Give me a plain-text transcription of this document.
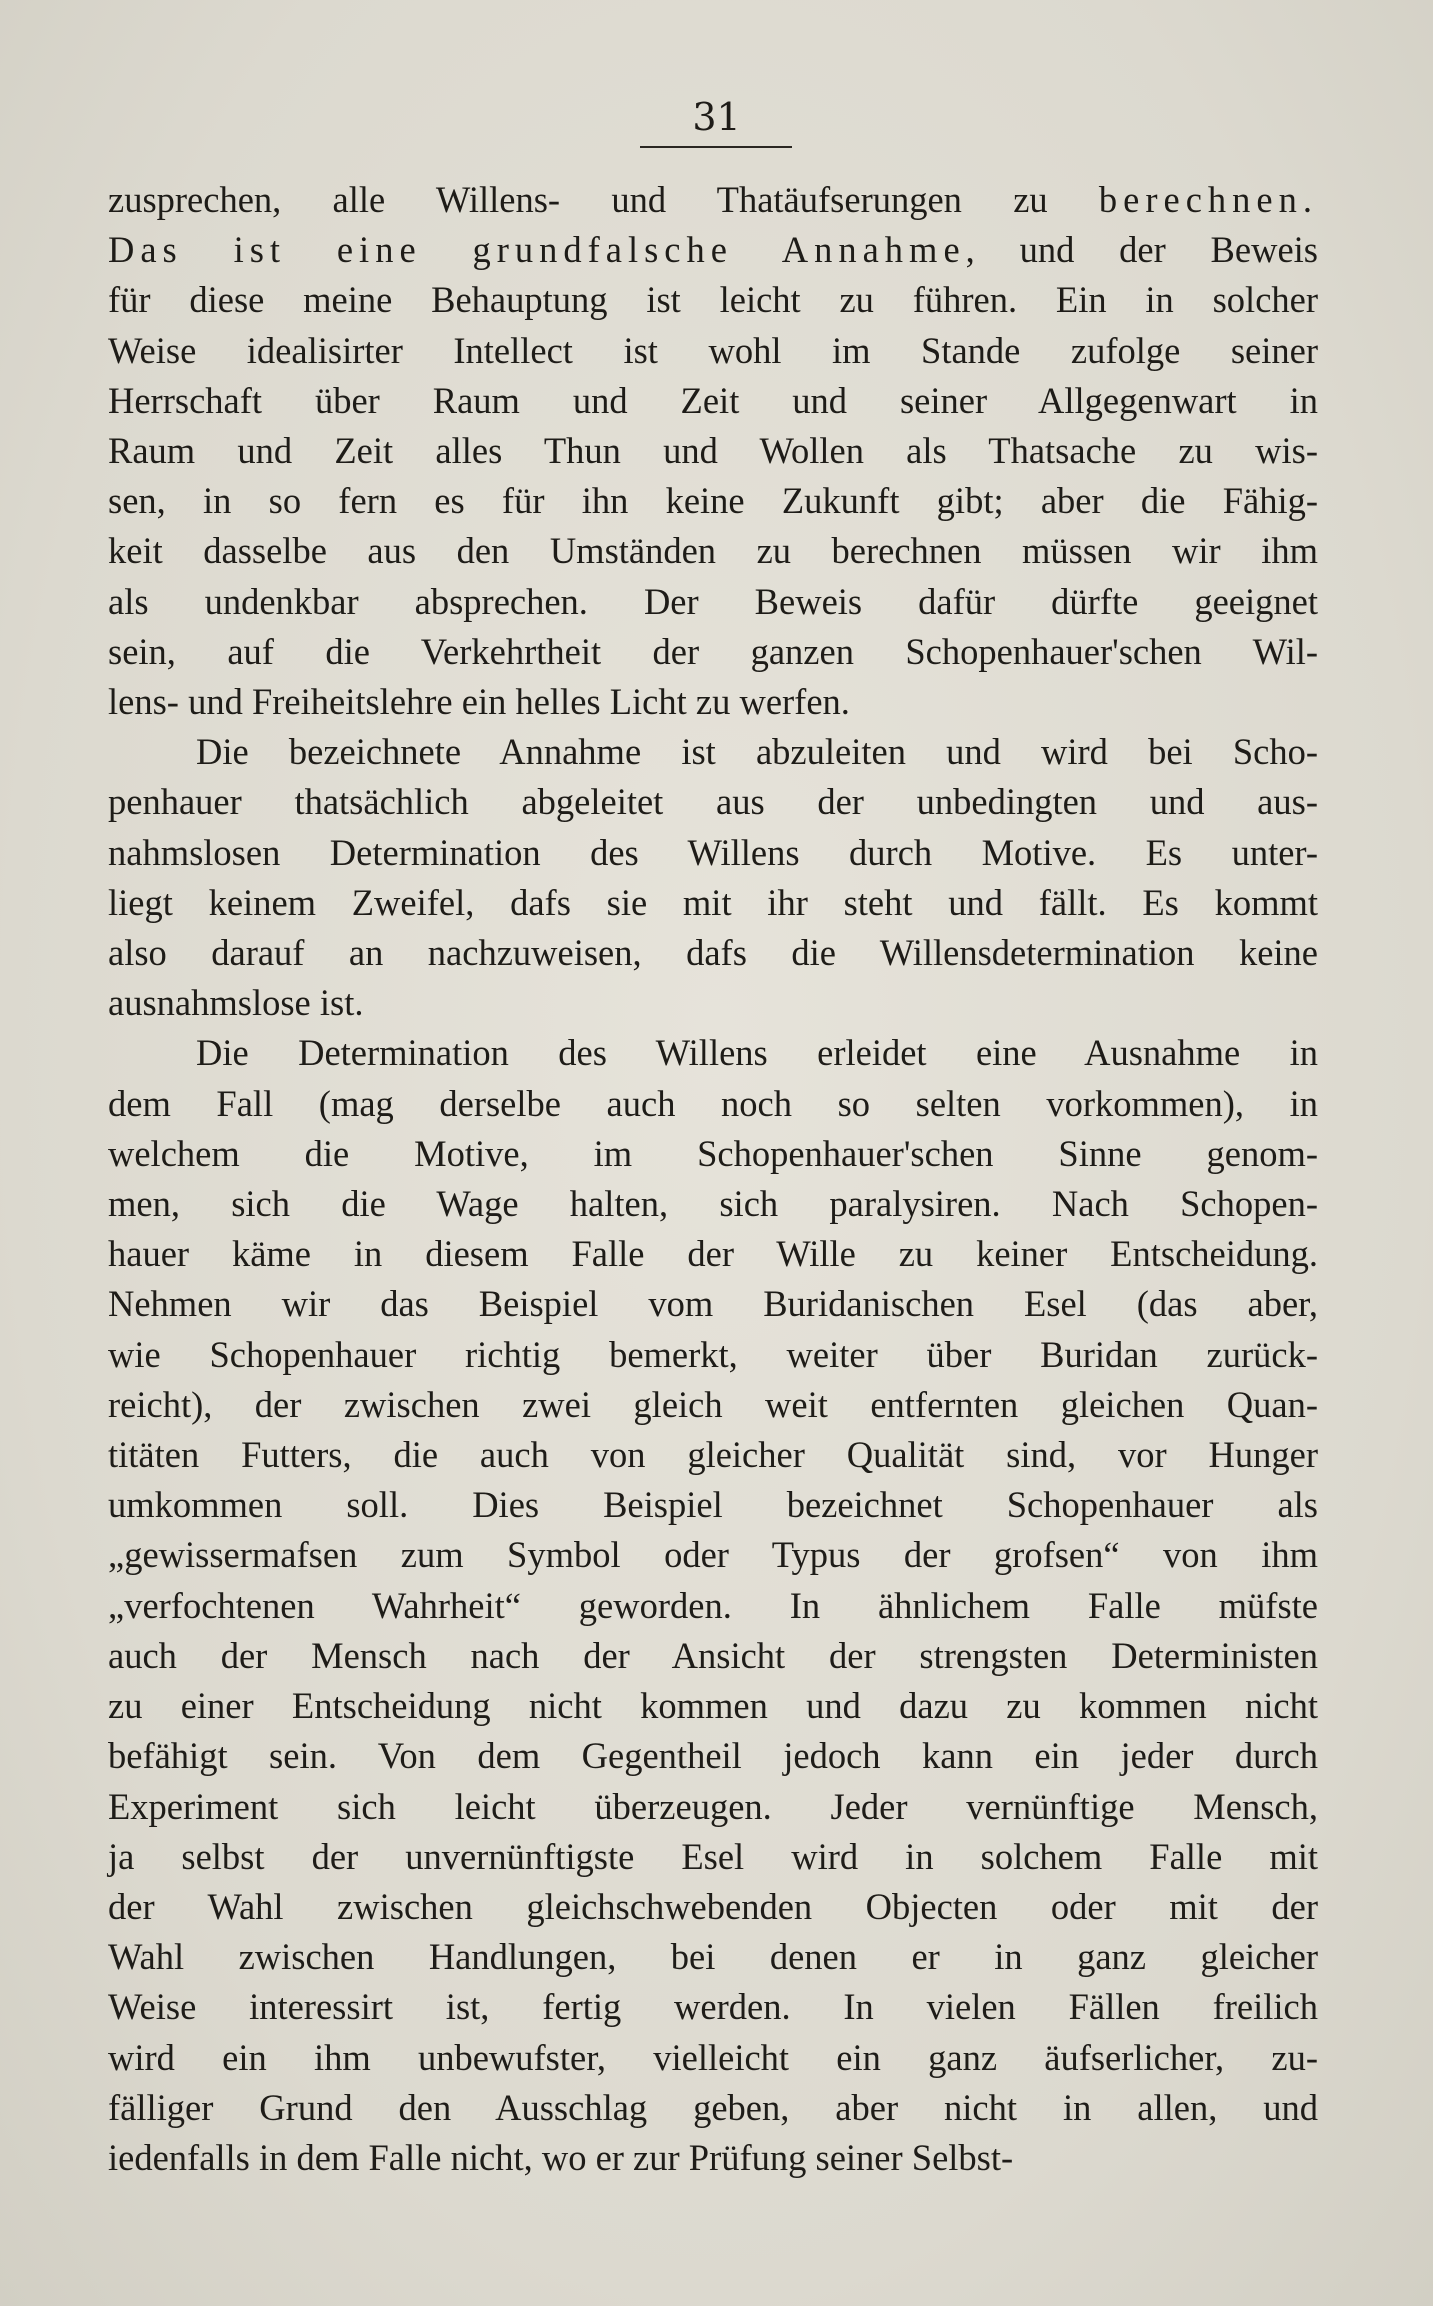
31

zusprechen, alle Willens- und Thatäufserungen zu berechnen.
Das ist eine grundfalsche Annahme, und der Beweis
für diese meine Behauptung ist leicht zu führen. Ein in solcher
Weise idealisirter Intellect ist wohl im Stande zufolge seiner
Herrschaft über Raum und Zeit und seiner Allgegenwart in
Raum und Zeit alles Thun und Wollen als Thatsache zu wis-
sen, in so fern es für ihn keine Zukunft gibt; aber die Fähig-
keit dasselbe aus den Umständen zu berechnen müssen wir ihm
als undenkbar absprechen. Der Beweis dafür dürfte geeignet
sein, auf die Verkehrtheit der ganzen Schopenhauer'schen Wil-
lens- und Freiheitslehre ein helles Licht zu werfen.

Die bezeichnete Annahme ist abzuleiten und wird bei Scho-
penhauer thatsächlich abgeleitet aus der unbedingten und aus-
nahmslosen Determination des Willens durch Motive. Es unter-
liegt keinem Zweifel, dafs sie mit ihr steht und fällt. Es kommt
also darauf an nachzuweisen, dafs die Willensdetermination keine
ausnahmslose ist.

Die Determination des Willens erleidet eine Ausnahme in
dem Fall (mag derselbe auch noch so selten vorkommen), in
welchem die Motive, im Schopenhauer'schen Sinne genom-
men, sich die Wage halten, sich paralysiren. Nach Schopen-
hauer käme in diesem Falle der Wille zu keiner Entscheidung.
Nehmen wir das Beispiel vom Buridanischen Esel (das aber,
wie Schopenhauer richtig bemerkt, weiter über Buridan zurück-
reicht), der zwischen zwei gleich weit entfernten gleichen Quan-
titäten Futters, die auch von gleicher Qualität sind, vor Hunger
umkommen soll. Dies Beispiel bezeichnet Schopenhauer als
„gewissermafsen zum Symbol oder Typus der grofsen“ von ihm
„verfochtenen Wahrheit“ geworden. In ähnlichem Falle müfste
auch der Mensch nach der Ansicht der strengsten Deterministen
zu einer Entscheidung nicht kommen und dazu zu kommen nicht
befähigt sein. Von dem Gegentheil jedoch kann ein jeder durch
Experiment sich leicht überzeugen. Jeder vernünftige Mensch,
ja selbst der unvernünftigste Esel wird in solchem Falle mit
der Wahl zwischen gleichschwebenden Objecten oder mit der
Wahl zwischen Handlungen, bei denen er in ganz gleicher
Weise interessirt ist, fertig werden. In vielen Fällen freilich
wird ein ihm unbewufster, vielleicht ein ganz äufserlicher, zu-
fälliger Grund den Ausschlag geben, aber nicht in allen, und
iedenfalls in dem Falle nicht, wo er zur Prüfung seiner Selbst-
